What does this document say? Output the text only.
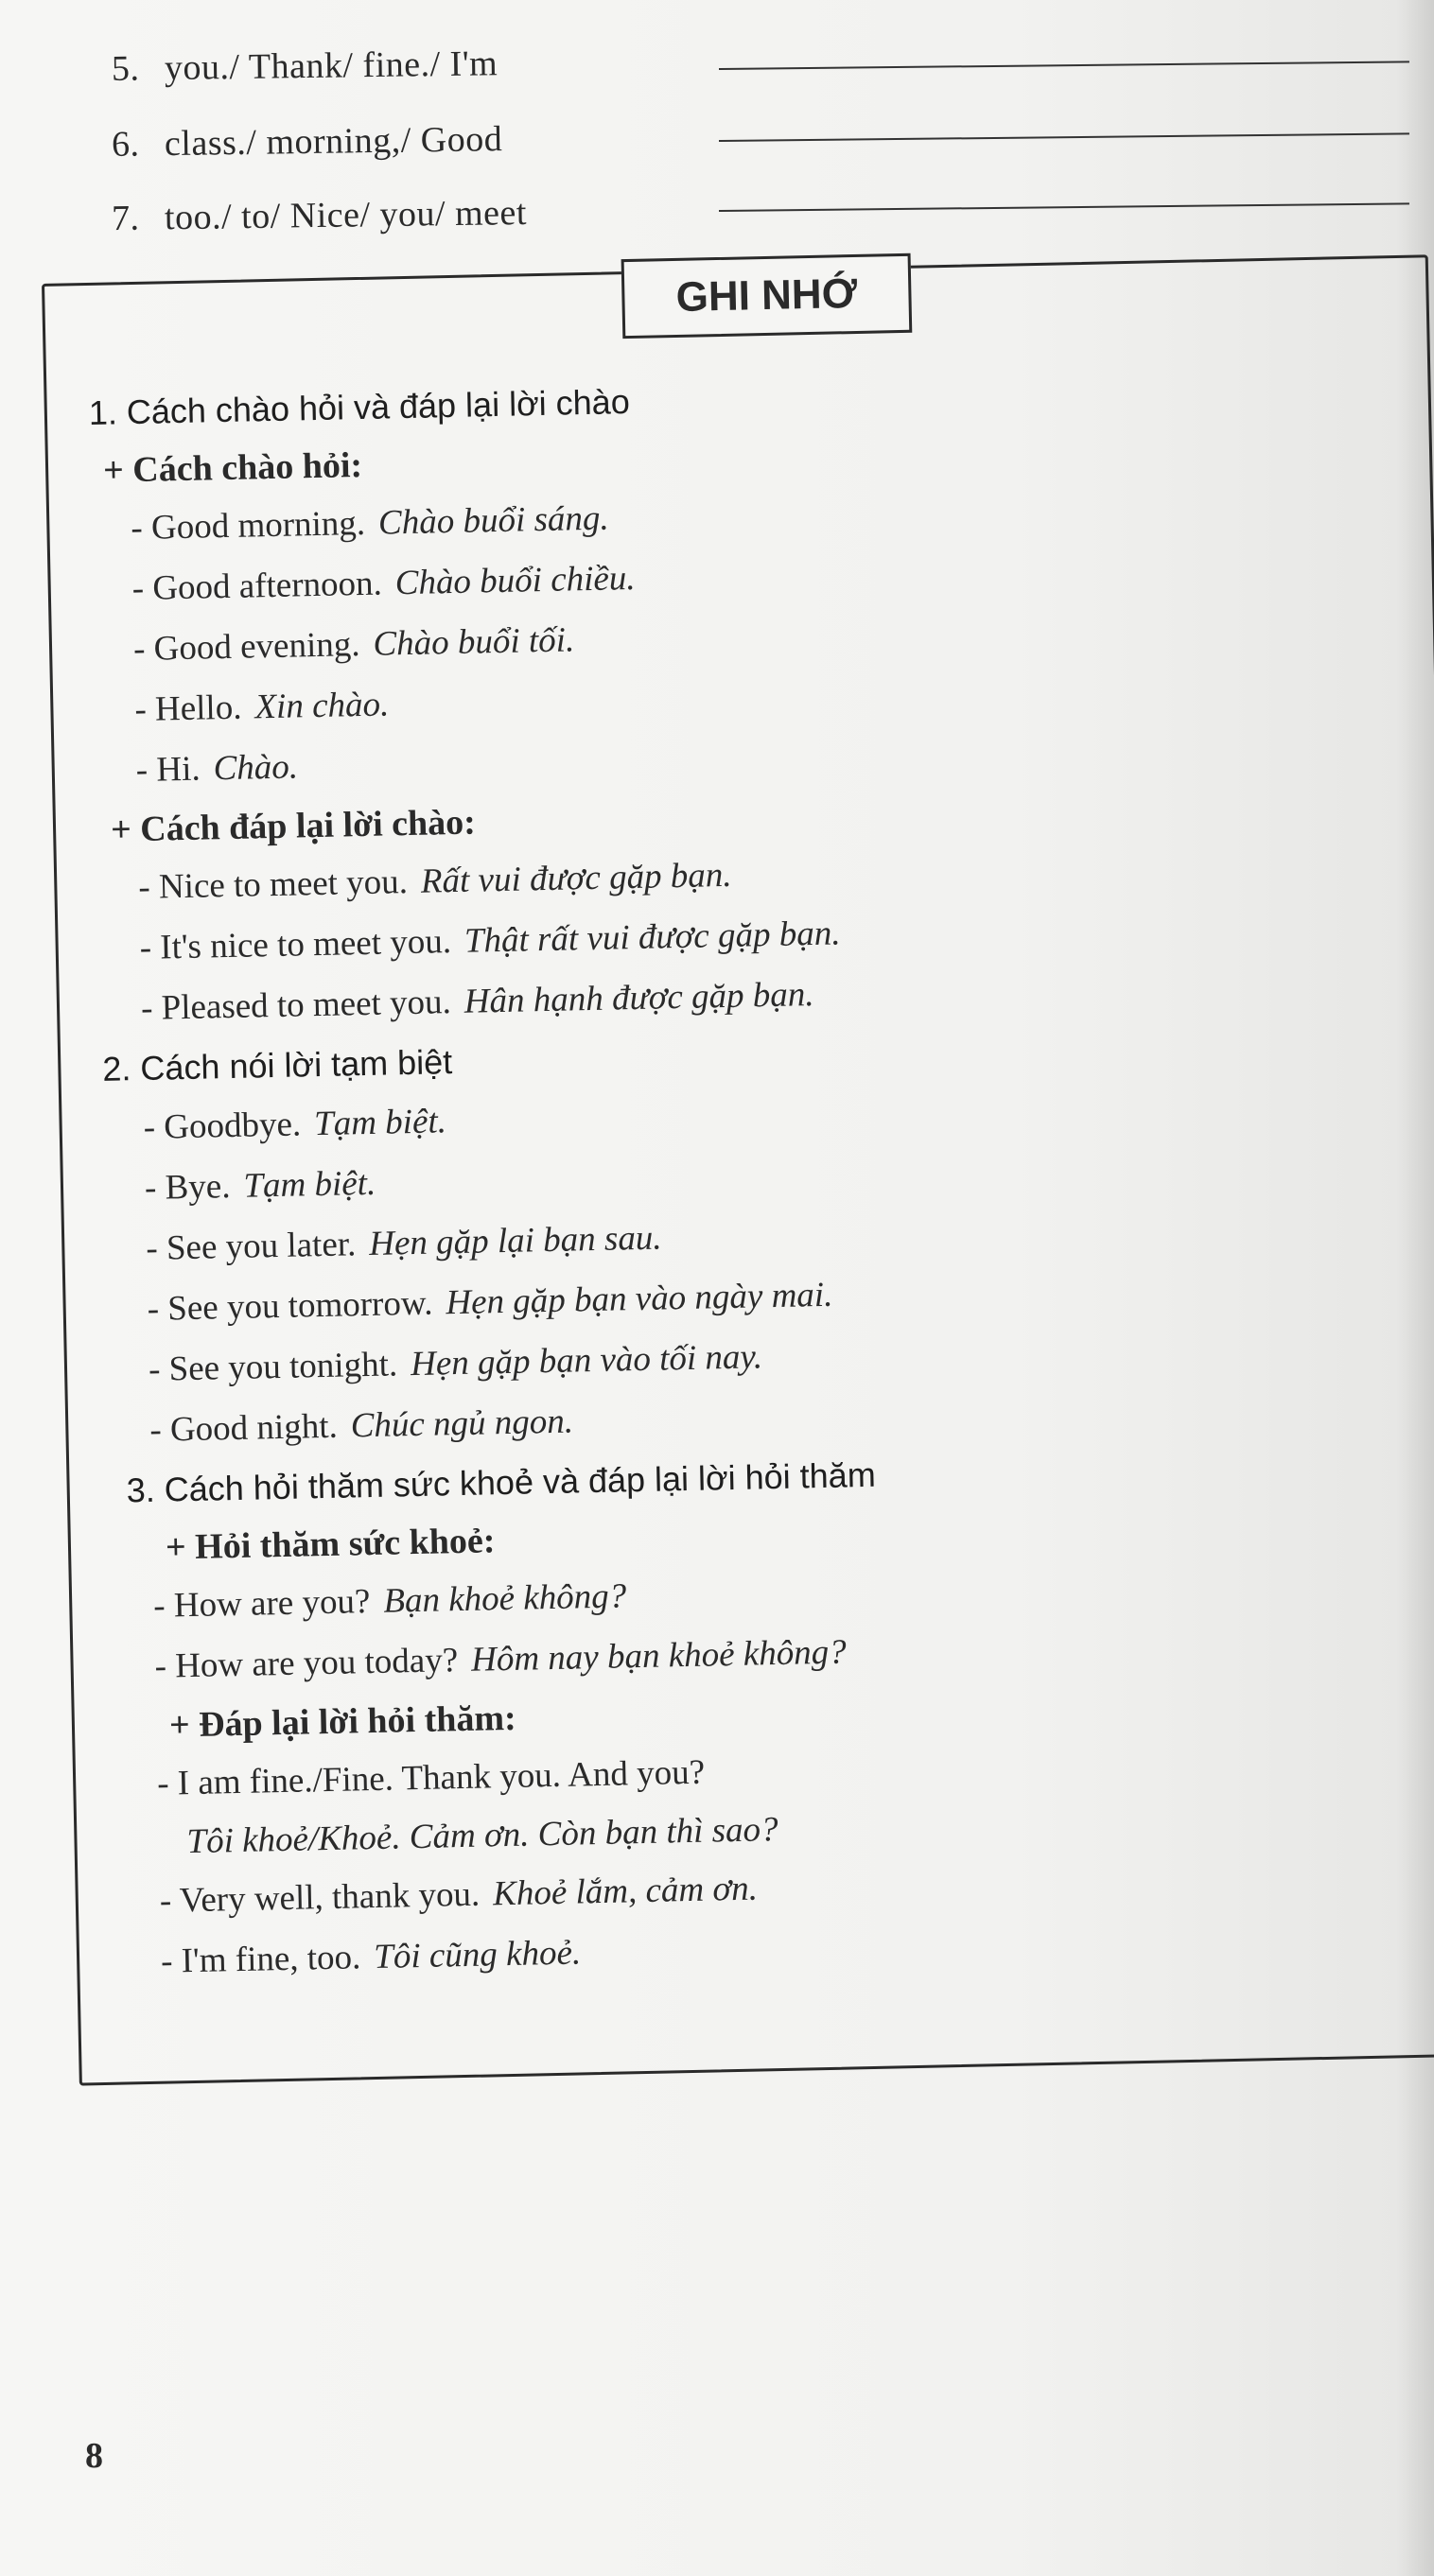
5. you./ Thank/ fine./ I'm
6. class./ morning,/ Good
7. too./ to/ Nice/ you/ meet
GHI NHỚ
1. Cách chào hỏi và đáp lại lời chào
+ Cách chào hỏi:
- Good morning. Chào buổi sáng.
- Good afternoon. Chào buổi chiều.
- Good evening. Chào buổi tối.
- Hello. Xin chào.
- Hi. Chào.
+ Cách đáp lại lời chào:
- Nice to meet you. Rất vui được gặp bạn.
- It's nice to meet you. Thật rất vui được gặp bạn.
- Pleased to meet you. Hân hạnh được gặp bạn.
2. Cách nói lời tạm biệt
- Goodbye. Tạm biệt.
- Bye. Tạm biệt.
- See you later. Hẹn gặp lại bạn sau.
- See you tomorrow. Hẹn gặp bạn vào ngày mai.
- See you tonight. Hẹn gặp bạn vào tối nay.
- Good night. Chúc ngủ ngon.
3. Cách hỏi thăm sức khoẻ và đáp lại lời hỏi thăm
+ Hỏi thăm sức khoẻ:
- How are you? Bạn khoẻ không?
- How are you today? Hôm nay bạn khoẻ không?
+ Đáp lại lời hỏi thăm:
- I am fine./Fine. Thank you. And you?
Tôi khoẻ/Khoẻ. Cảm ơn. Còn bạn thì sao?
- Very well, thank you. Khoẻ lắm, cảm ơn.
- I'm fine, too. Tôi cũng khoẻ.
8
